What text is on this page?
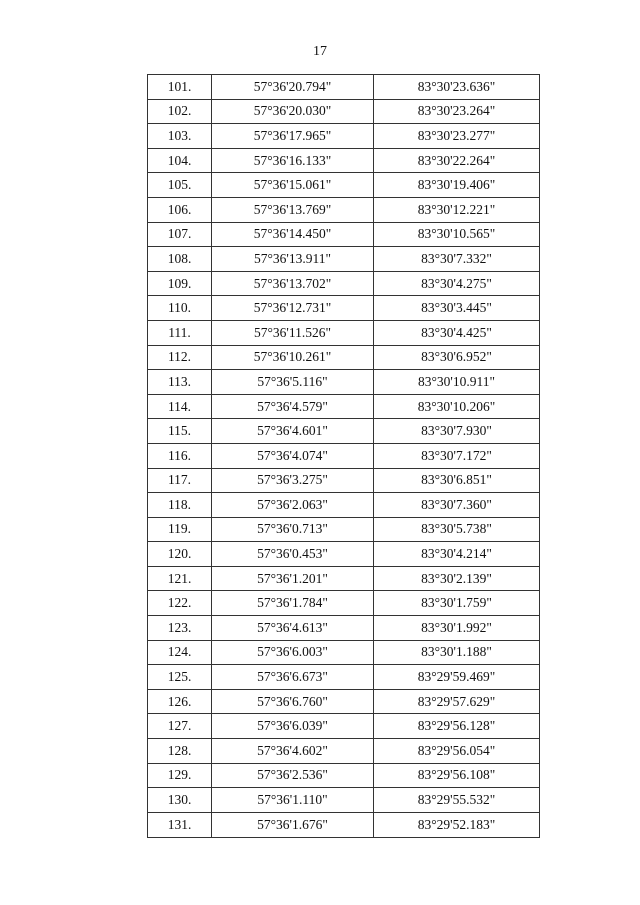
17
101.	57°36'20.794"	83°30'23.636"
102.	57°36'20.030"	83°30'23.264"
103.	57°36'17.965"	83°30'23.277"
104.	57°36'16.133"	83°30'22.264"
105.	57°36'15.061"	83°30'19.406"
106.	57°36'13.769"	83°30'12.221"
107.	57°36'14.450"	83°30'10.565"
108.	57°36'13.911"	83°30'7.332"
109.	57°36'13.702"	83°30'4.275"
110.	57°36'12.731"	83°30'3.445"
111.	57°36'11.526"	83°30'4.425"
112.	57°36'10.261"	83°30'6.952"
113.	57°36'5.116"	83°30'10.911"
114.	57°36'4.579"	83°30'10.206"
115.	57°36'4.601"	83°30'7.930"
116.	57°36'4.074"	83°30'7.172"
117.	57°36'3.275"	83°30'6.851"
118.	57°36'2.063"	83°30'7.360"
119.	57°36'0.713"	83°30'5.738"
120.	57°36'0.453"	83°30'4.214"
121.	57°36'1.201"	83°30'2.139"
122.	57°36'1.784"	83°30'1.759"
123.	57°36'4.613"	83°30'1.992"
124.	57°36'6.003"	83°30'1.188"
125.	57°36'6.673"	83°29'59.469"
126.	57°36'6.760"	83°29'57.629"
127.	57°36'6.039"	83°29'56.128"
128.	57°36'4.602"	83°29'56.054"
129.	57°36'2.536"	83°29'56.108"
130.	57°36'1.110"	83°29'55.532"
131.	57°36'1.676"	83°29'52.183"
